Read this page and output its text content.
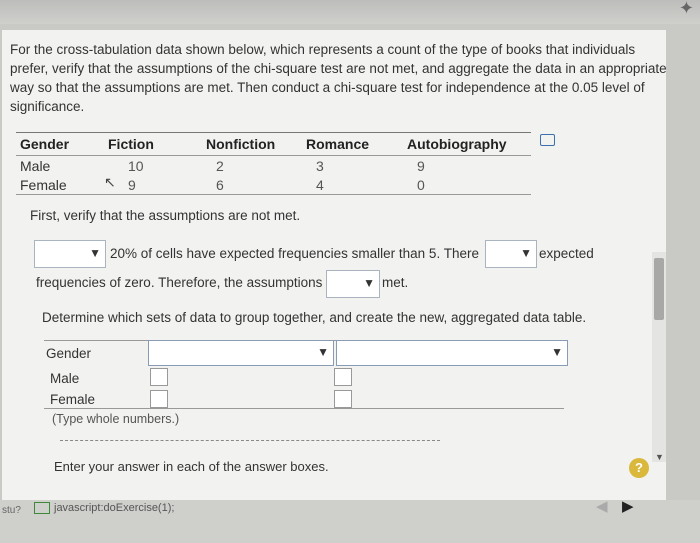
✦
▼
For the cross-tabulation data shown below, which represents a count of the type of books that individuals prefer, verify that the assumptions of the chi-square test are not met, and aggregate the data in an appropriate way so that the assumptions are met. Then conduct a chi-square test for independence at the 0.05 level of significance.
Gender	Fiction	Nonfiction	Romance	Autobiography
Male	10	2	3	9
Female	9	6	4	0
↖
First, verify that the assumptions are not met.
▼ 20% of cells have expected frequencies smaller than 5. There	▼ expected
frequencies of zero. Therefore, the assumptions	▼ met.
Determine which sets of data to group together, and create the new, aggregated data table.
Gender	▼	▼
Male
Female
(Type whole numbers.)
Enter your answer in each of the answer boxes.	?
stu?	javascript:doExercise(1);	◀ ▶
